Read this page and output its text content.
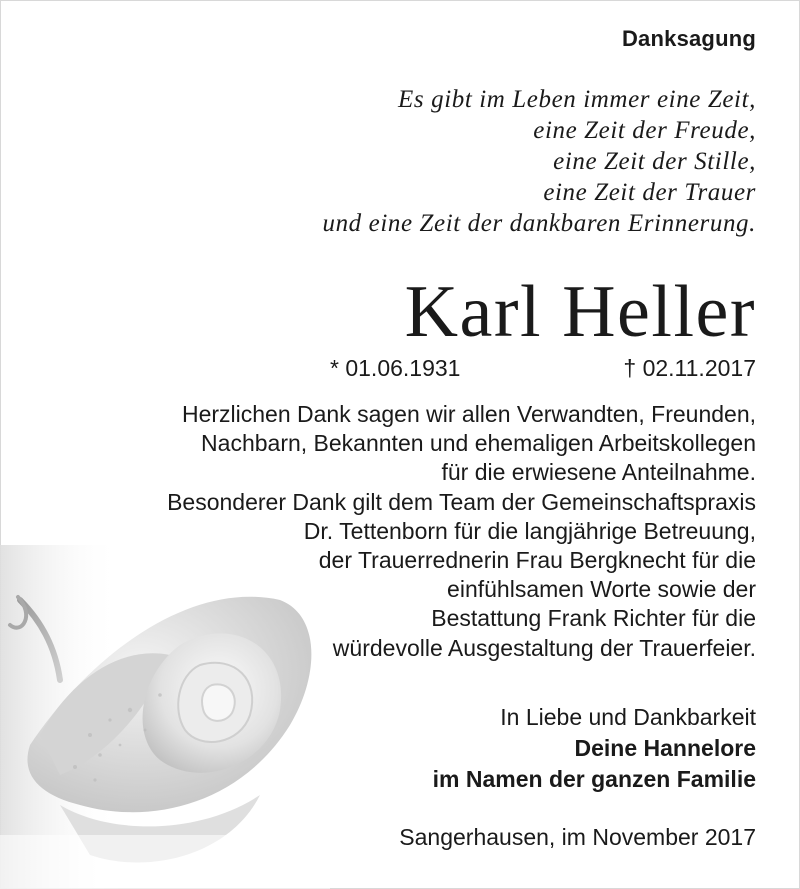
Danksagung
Es gibt im Leben immer eine Zeit,
eine Zeit der Freude,
eine Zeit der Stille,
eine Zeit der Trauer
und eine Zeit der dankbaren Erinnerung.
Karl Heller
* 01.06.1931	† 02.11.2017
Herzlichen Dank sagen wir allen Verwandten, Freunden,
Nachbarn, Bekannten und ehemaligen Arbeitskollegen
für die erwiesene Anteilnahme.
Besonderer Dank gilt dem Team der Gemeinschaftspraxis
Dr. Tettenborn für die langjährige Betreuung,
der Trauerrednerin Frau Bergknecht für die
einfühlsamen Worte sowie der
Bestattung Frank Richter für die
würdevolle Ausgestaltung der Trauerfeier.
In Liebe und Dankbarkeit
Deine Hannelore
im Namen der ganzen Familie
Sangerhausen, im November 2017
